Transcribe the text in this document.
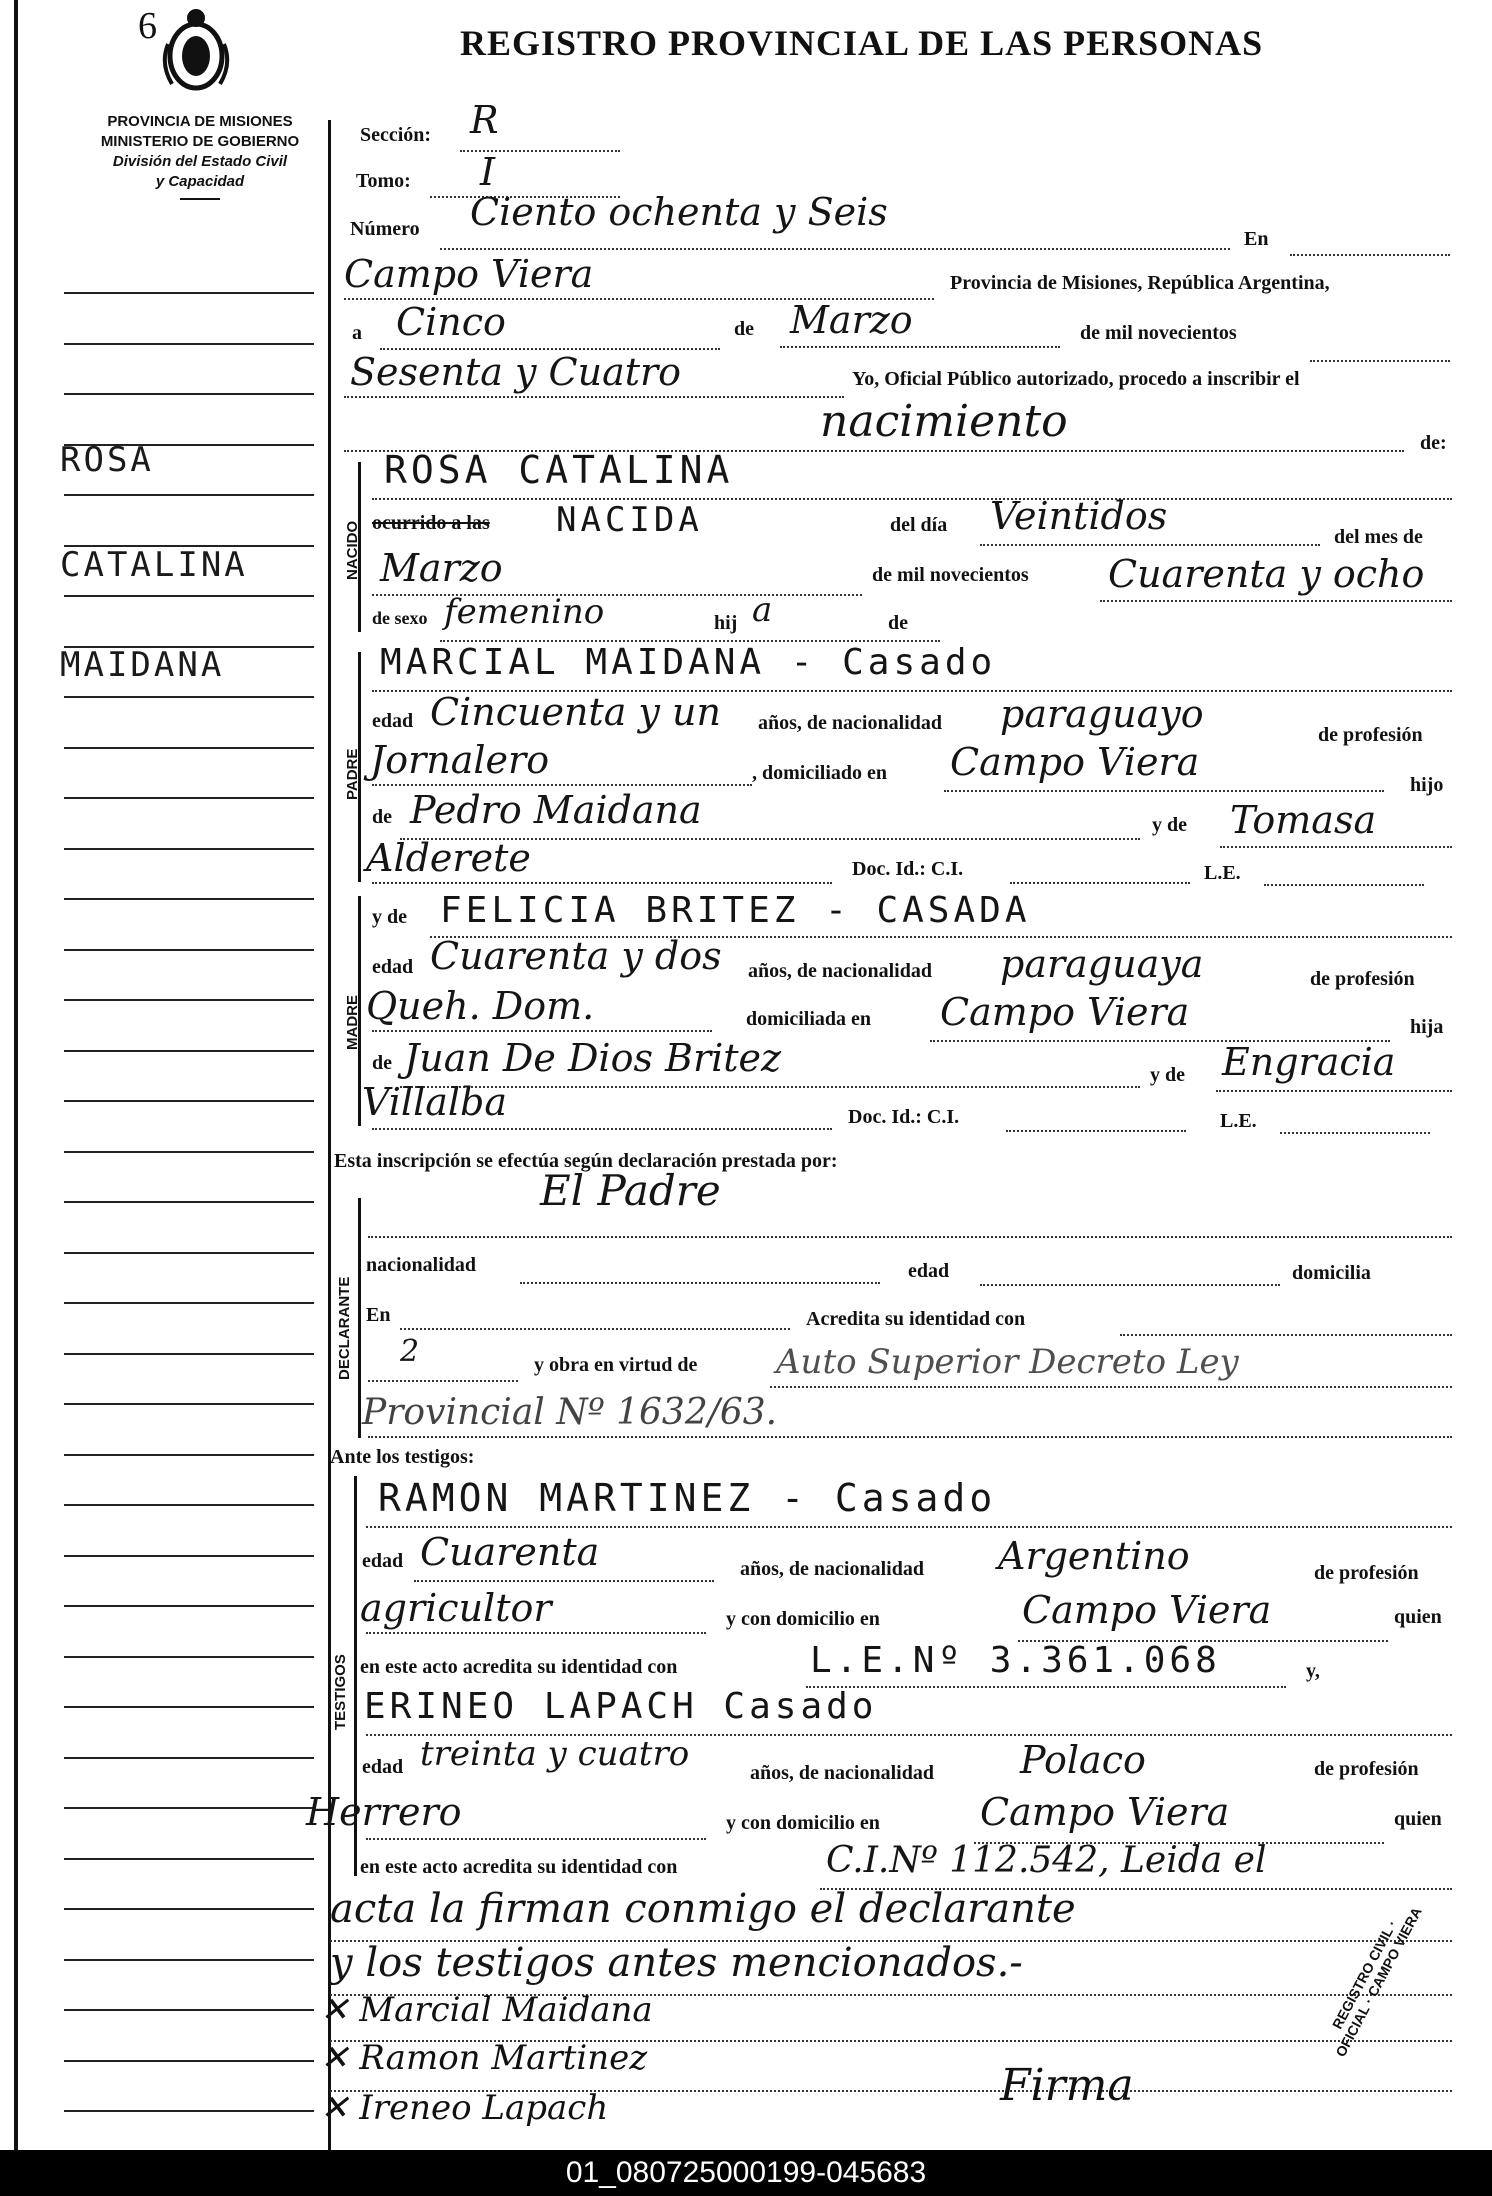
6	REGISTRO PROVINCIAL DE LAS PERSONAS
PROVINCIA DE MISIONES
MINISTERIO DE GOBIERNO
División del Estado Civil
y Capacidad
ROSA
CATALINA
MAIDANA
Sección: R
Tomo: I
Número Ciento ochenta y Seis
En
Campo Viera	Provincia de Misiones, República Argentina,
a Cinco	de Marzo	de mil novecientos
Sesenta y Cuatro	Yo, Oficial Público autorizado, procedo a inscribir el
nacimiento	de:
NACIDO
ROSA CATALINA
ocurrido a las NACIDA	del día Veintidos	del mes de
Marzo	de mil novecientos Cuarenta y ocho
de sexo femenino	hij a	de
PADRE
MARCIAL MAIDANA - Casado
edad Cincuenta y un años, de nacionalidad paraguayo	de profesión
Jornalero	, domiciliado en Campo Viera
hijo
de Pedro Maidana	y de Tomasa
Alderete	Doc. Id.: C.I.	L.E.
MADRE
y de FELICIA BRITEZ - CASADA
edad Cuarenta y dos años, de nacionalidad paraguaya	de profesión
Queh. Dom.	domiciliada en Campo Viera	hija
de Juan De Dios Britez	y de Engracia
Villalba	Doc. Id.: C.I.	L.E.
Esta inscripción se efectúa según declaración prestada por:
DECLARANTE
El Padre
nacionalidad	edad	domicilia
En	Acredita su identidad con
2	y obra en virtud de Auto Superior Decreto Ley
Provincial Nº 1632/63.
Ante los testigos:
TESTIGOS
RAMON MARTINEZ - Casado
edad Cuarenta	años, de nacionalidad Argentino	de profesión
agricultor	y con domicilio en	Campo Viera	quien
en este acto acredita su identidad con	L.E.Nº 3.361.068	y,
ERINEO LAPACH Casado
edad treinta y cuatro	años, de nacionalidad Polaco	de profesión
Herrero	y con domicilio en	Campo Viera	quien
en este acto acredita su identidad con	C.I.Nº 112.542, Leida el
acta la firman conmigo el declarante
y los testigos antes mencionados.-
✕ Marcial Maidana
✕ Ramon Martinez
✕ Ireneo Lapach	Firma
REGISTRO CIVIL · OFICIAL · CAMPO VIERA
01_080725000199-045683
